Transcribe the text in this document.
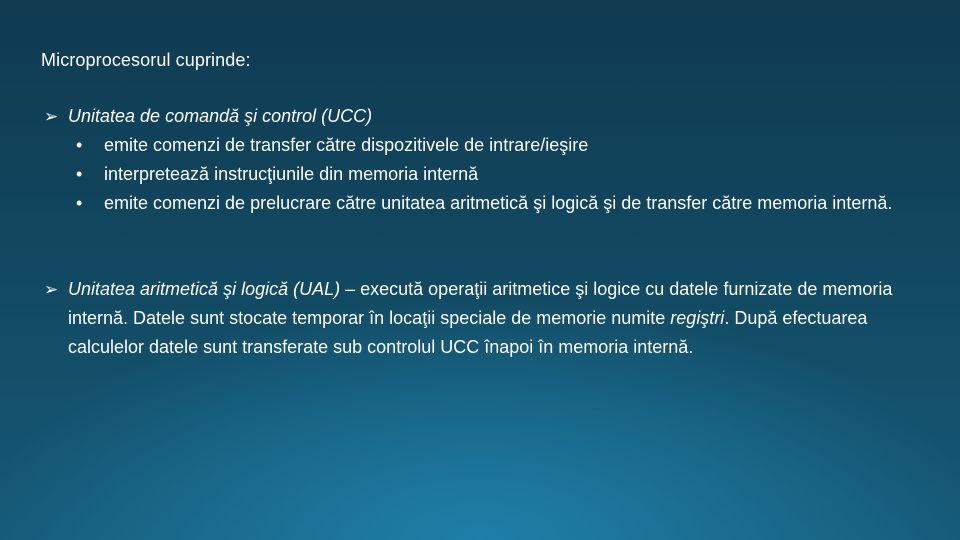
Microprocesorul cuprinde:
➢ Unitatea de comandă şi control (UCC)
• emite comenzi de transfer către dispozitivele de intrare/ieşire
• interpretează instrucţiunile din memoria internă
• emite comenzi de prelucrare către unitatea aritmetică şi logică şi de transfer către memoria internă.
➢ Unitatea aritmetică şi logică (UAL) – execută operaţii aritmetice şi logice cu datele furnizate de memoria internă. Datele sunt stocate temporar în locaţii speciale de memorie numite regiştri. După efectuarea calculelor datele sunt transferate sub controlul UCC înapoi în memoria internă.
